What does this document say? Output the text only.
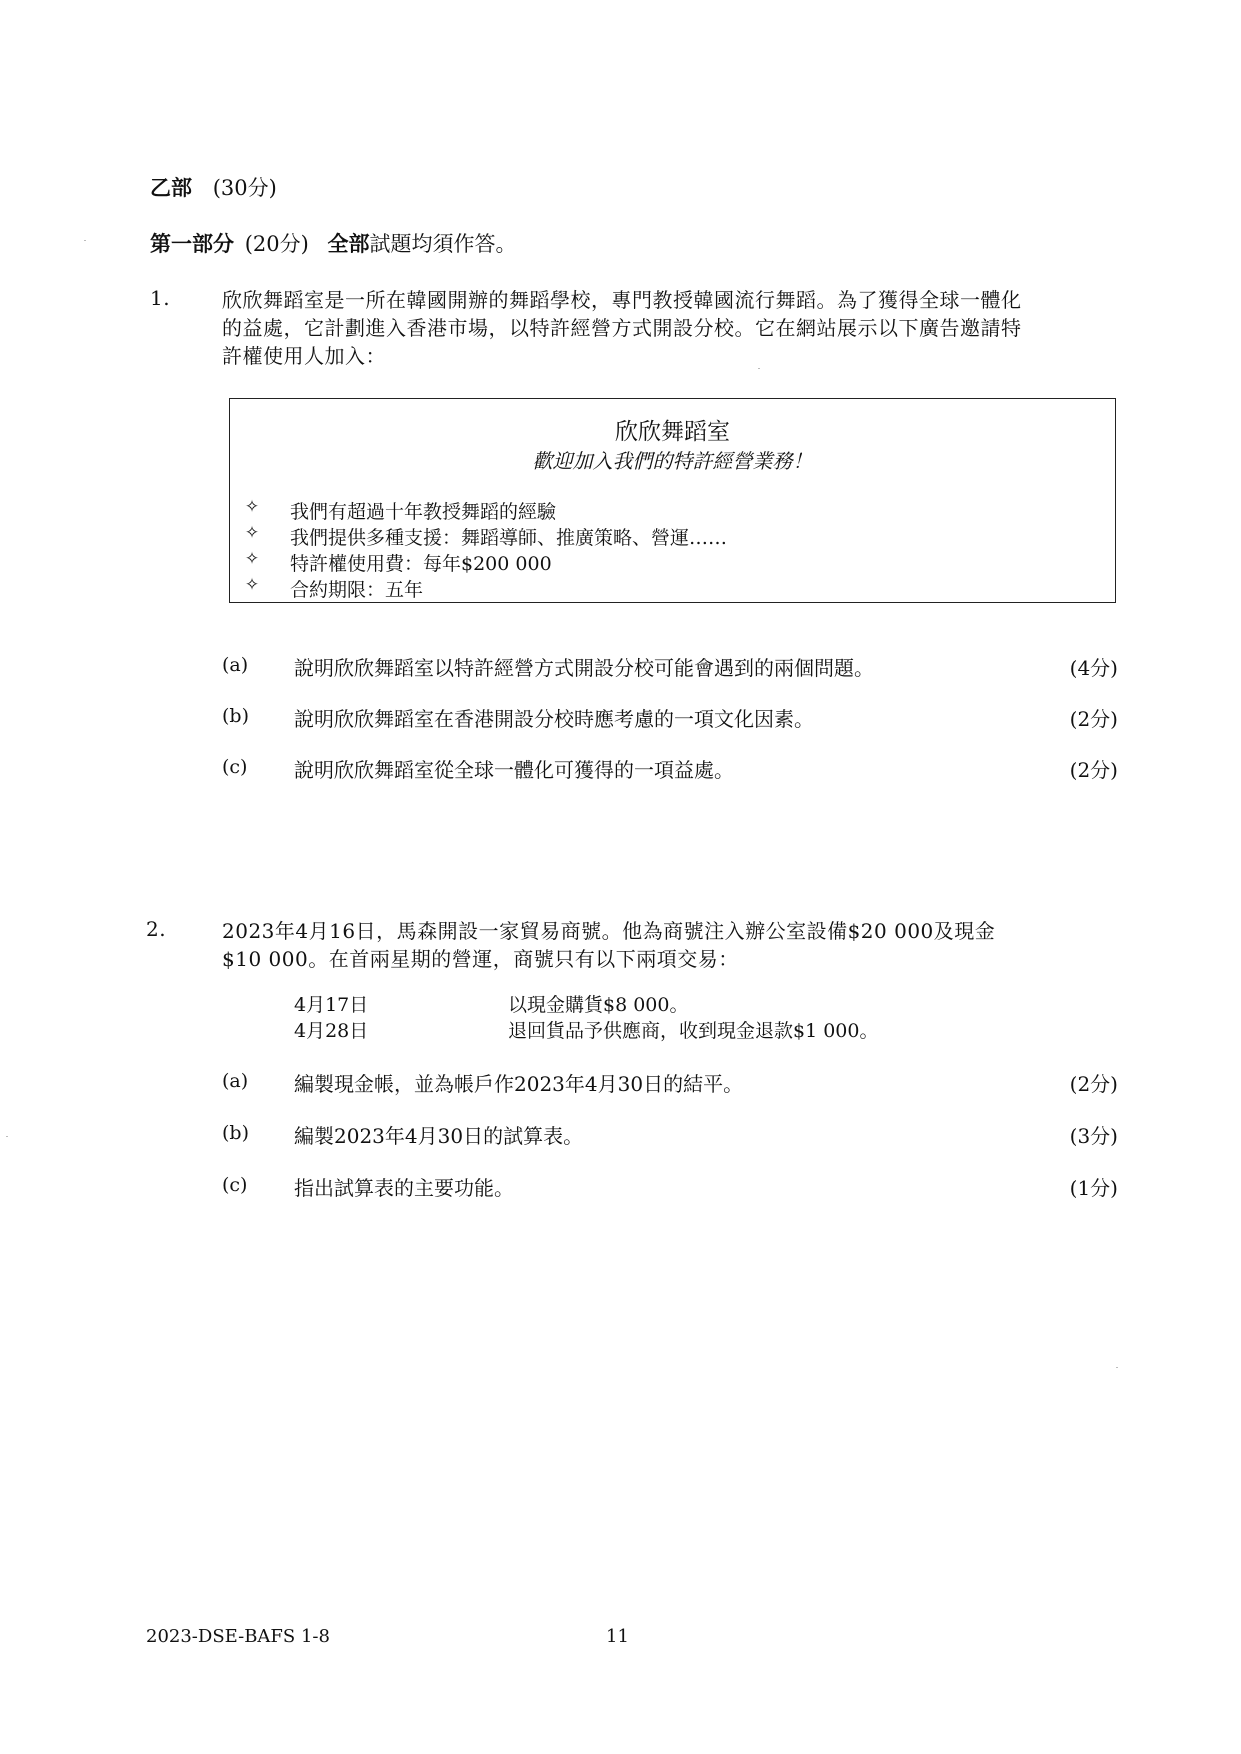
乙部 (30分)
第一部分 (20分) 全部試題均須作答。
1.	欣欣舞蹈室是一所在韓國開辦的舞蹈學校，專門教授韓國流行舞蹈。為了獲得全球一體化
的益處，它計劃進入香港市場，以特許經營方式開設分校。它在網站展示以下廣告邀請特
許權使用人加入：
欣欣舞蹈室
歡迎加入我們的特許經營業務！
✧ 我們有超過十年教授舞蹈的經驗
✧ 我們提供多種支援：舞蹈導師、推廣策略、營運……
✧ 特許權使用費：每年$200 000
✧ 合約期限：五年
(a) 說明欣欣舞蹈室以特許經營方式開設分校可能會遇到的兩個問題。	(4分)
(b) 說明欣欣舞蹈室在香港開設分校時應考慮的一項文化因素。	(2分)
(c) 說明欣欣舞蹈室從全球一體化可獲得的一項益處。	(2分)
2.	2023年4月16日，馬森開設一家貿易商號。他為商號注入辦公室設備$20 000及現金
$10 000。在首兩星期的營運，商號只有以下兩項交易：
4月17日	以現金購貨$8 000。
4月28日	退回貨品予供應商，收到現金退款$1 000。
(a) 編製現金帳，並為帳戶作2023年4月30日的結平。	(2分)
(b) 編製2023年4月30日的試算表。	(3分)
(c) 指出試算表的主要功能。	(1分)
2023-DSE-BAFS 1-8	11
